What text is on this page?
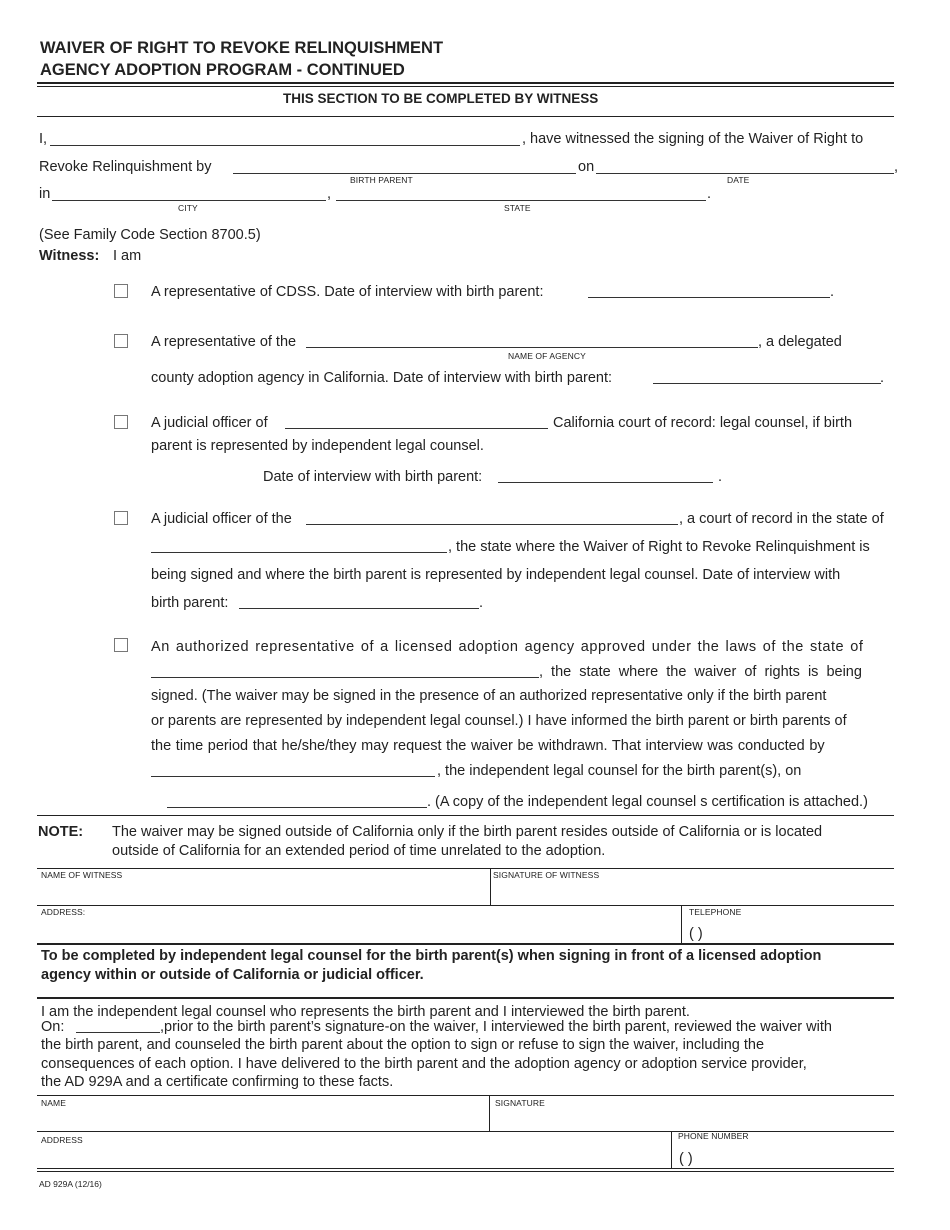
WAIVER OF RIGHT TO REVOKE RELINQUISHMENT
AGENCY ADOPTION PROGRAM - CONTINUED
THIS SECTION TO BE COMPLETED BY WITNESS
I,	, have witnessed the signing of the Waiver of Right to
Revoke Relinquishment by	on	,
BIRTH PARENT	DATE
in	,	.
CITY	STATE
(See Family Code Section 8700.5)
Witness: I am
A representative of CDSS. Date of interview with birth parent:	.
A representative of the	, a delegated
NAME OF AGENCY
county adoption agency in California. Date of interview with birth parent:	.
A judicial officer of	California court of record: legal counsel, if birth
parent is represented by independent legal counsel.
Date of interview with birth parent:	.
A judicial officer of the	, a court of record in the state of
, the state where the Waiver of Right to Revoke Relinquishment is
being signed and where the birth parent is represented by independent legal counsel. Date of interview with
birth parent:	.
An authorized representative of a licensed adoption agency approved under the laws of the state of
, the state where the waiver of rights is being
signed. (The waiver may be signed in the presence of an authorized representative only if the birth parent
or parents are represented by independent legal counsel.) I have informed the birth parent or birth parents of
the time period that he/she/they may request the waiver be withdrawn. That interview was conducted by
, the independent legal counsel for the birth parent(s), on
. (A copy of the independent legal counsel s certification is attached.)
NOTE: The waiver may be signed outside of California only if the birth parent resides outside of California or is located
outside of California for an extended period of time unrelated to the adoption.
NAME OF WITNESS	SIGNATURE OF WITNESS
ADDRESS:	TELEPHONE
( )
To be completed by independent legal counsel for the birth parent(s) when signing in front of a licensed adoption
agency within or outside of California or judicial officer.
I am the independent legal counsel who represents the birth parent and I interviewed the birth parent.
On:	,prior to the birth parent’s signature-on the waiver, I interviewed the birth parent, reviewed the waiver with
the birth parent, and counseled the birth parent about the option to sign or refuse to sign the waiver, including the
consequences of each option. I have delivered to the birth parent and the adoption agency or adoption service provider,
the AD 929A and a certificate confirming to these facts.
NAME	SIGNATURE
ADDRESS	PHONE NUMBER
( )
AD 929A (12/16)
